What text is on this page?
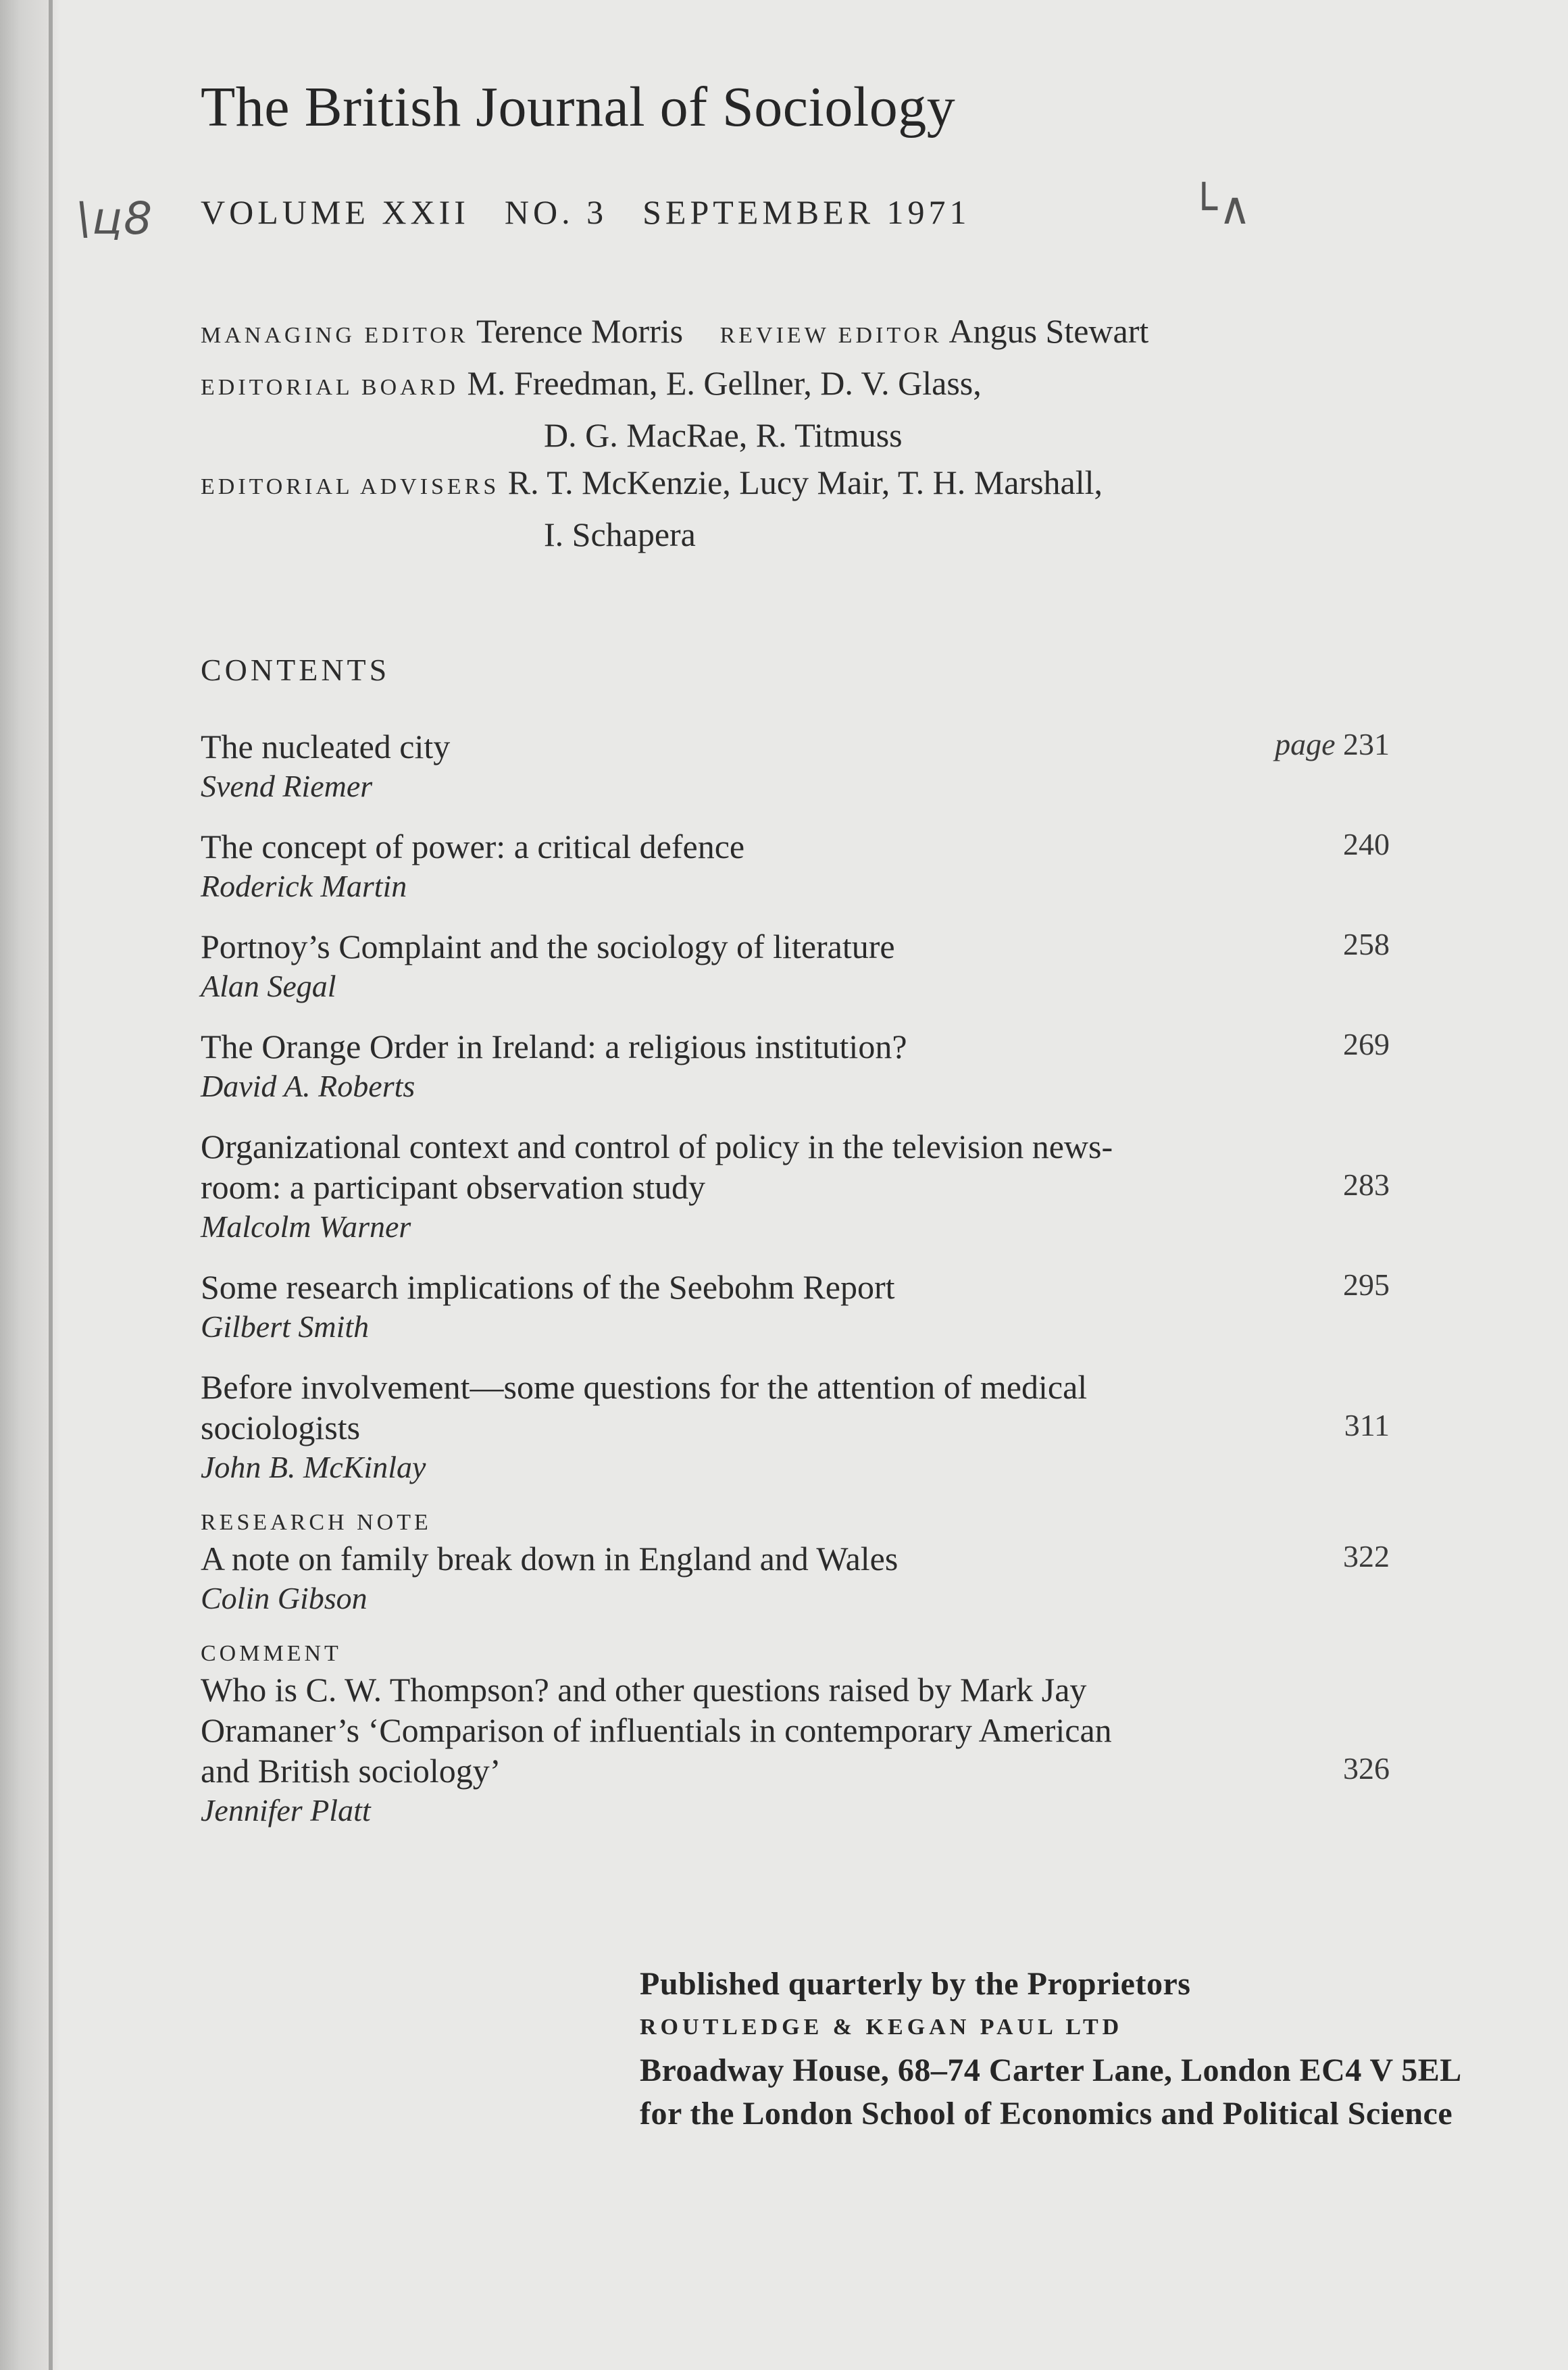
The British Journal of Sociology
\ц8 VOLUME XXII NO. 3 SEPTEMBER 1971	└∧
MANAGING EDITOR Terence Morris REVIEW EDITOR Angus Stewart
EDITORIAL BOARD M. Freedman, E. Gellner, D. V. Glass,
D. G. MacRae, R. Titmuss
EDITORIAL ADVISERS R. T. McKenzie, Lucy Mair, T. H. Marshall,
I. Schapera
CONTENTS
page 231
The nucleated city
Svend Riemer
240
The concept of power: a critical defence
Roderick Martin
258
Portnoy’s Complaint and the sociology of literature
Alan Segal
269
The Orange Order in Ireland: a religious institution?
David A. Roberts
283
Organizational context and control of policy in the television news-
room: a participant observation study
Malcolm Warner
295
Some research implications of the Seebohm Report
Gilbert Smith
311
Before involvement—some questions for the attention of medical
sociologists
John B. McKinlay
RESEARCH NOTE
322
A note on family break down in England and Wales
Colin Gibson
COMMENT
326
Who is C. W. Thompson? and other questions raised by Mark Jay
Oramaner’s ‘Comparison of influentials in contemporary American
and British sociology’
Jennifer Platt
Published quarterly by the Proprietors
ROUTLEDGE & KEGAN PAUL LTD
Broadway House, 68–74 Carter Lane, London EC4 V 5EL
for the London School of Economics and Political Science
